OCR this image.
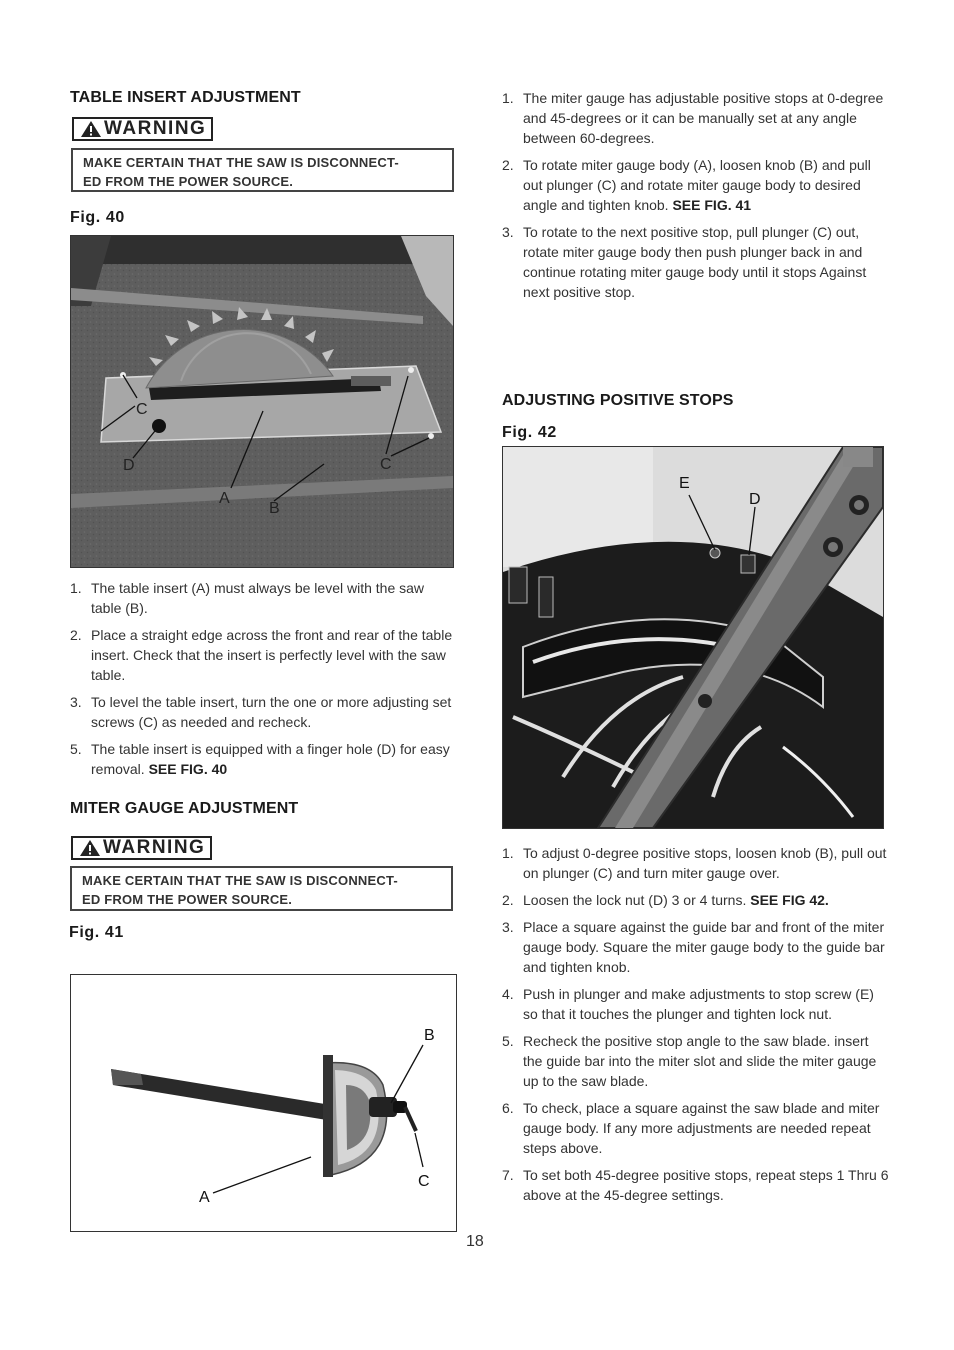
TABLE INSERT ADJUSTMENT
WARNING
MAKE CERTAIN THAT THE SAW IS DISCONNECT-
ED FROM THE POWER SOURCE.
Fig. 40
C
D	C
A
B
1. The table insert (A) must always be level with the saw table (B).
2. Place a straight edge across the front and rear of the table insert. Check that the insert is perfectly level with the saw table.
3. To level the table insert, turn the one or more adjusting set screws (C) as needed and recheck.
5. The table insert is equipped with a finger hole (D) for easy removal. SEE FIG. 40
MITER GAUGE ADJUSTMENT
WARNING
MAKE CERTAIN THAT THE SAW IS DISCONNECT-
ED FROM THE POWER SOURCE.
Fig. 41
B
C
A
1. The miter gauge has adjustable positive stops at 0-degree and 45-degrees or it can be manually set at any angle between 60-degrees.
2. To rotate miter gauge body (A), loosen knob (B) and pull out plunger (C) and rotate miter gauge body to desired angle and tighten knob. SEE FIG. 41
3. To rotate to the next positive stop, pull plunger (C) out, rotate miter gauge body then push plunger back in and continue rotating miter gauge body until it stops Against next positive stop.
ADJUSTING POSITIVE STOPS
Fig. 42
E
D
1. To adjust 0-degree positive stops, loosen knob (B), pull out on plunger (C) and turn miter gauge over.
2. Loosen the lock nut (D) 3 or 4 turns. SEE FIG 42.
3. Place a square against the guide bar and front of the miter gauge body. Square the miter gauge body to the guide bar and tighten knob.
4. Push in plunger and make adjustments to stop screw (E) so that it touches the plunger and tighten lock nut.
5. Recheck the positive stop angle to the saw blade. insert the guide bar into the miter slot and slide the miter gauge up to the saw blade.
6. To check, place a square against the saw blade and miter gauge body. If any more adjustments are needed repeat steps above.
7. To set both 45-degree positive stops, repeat steps 1 Thru 6 above at the 45-degree settings.
18
